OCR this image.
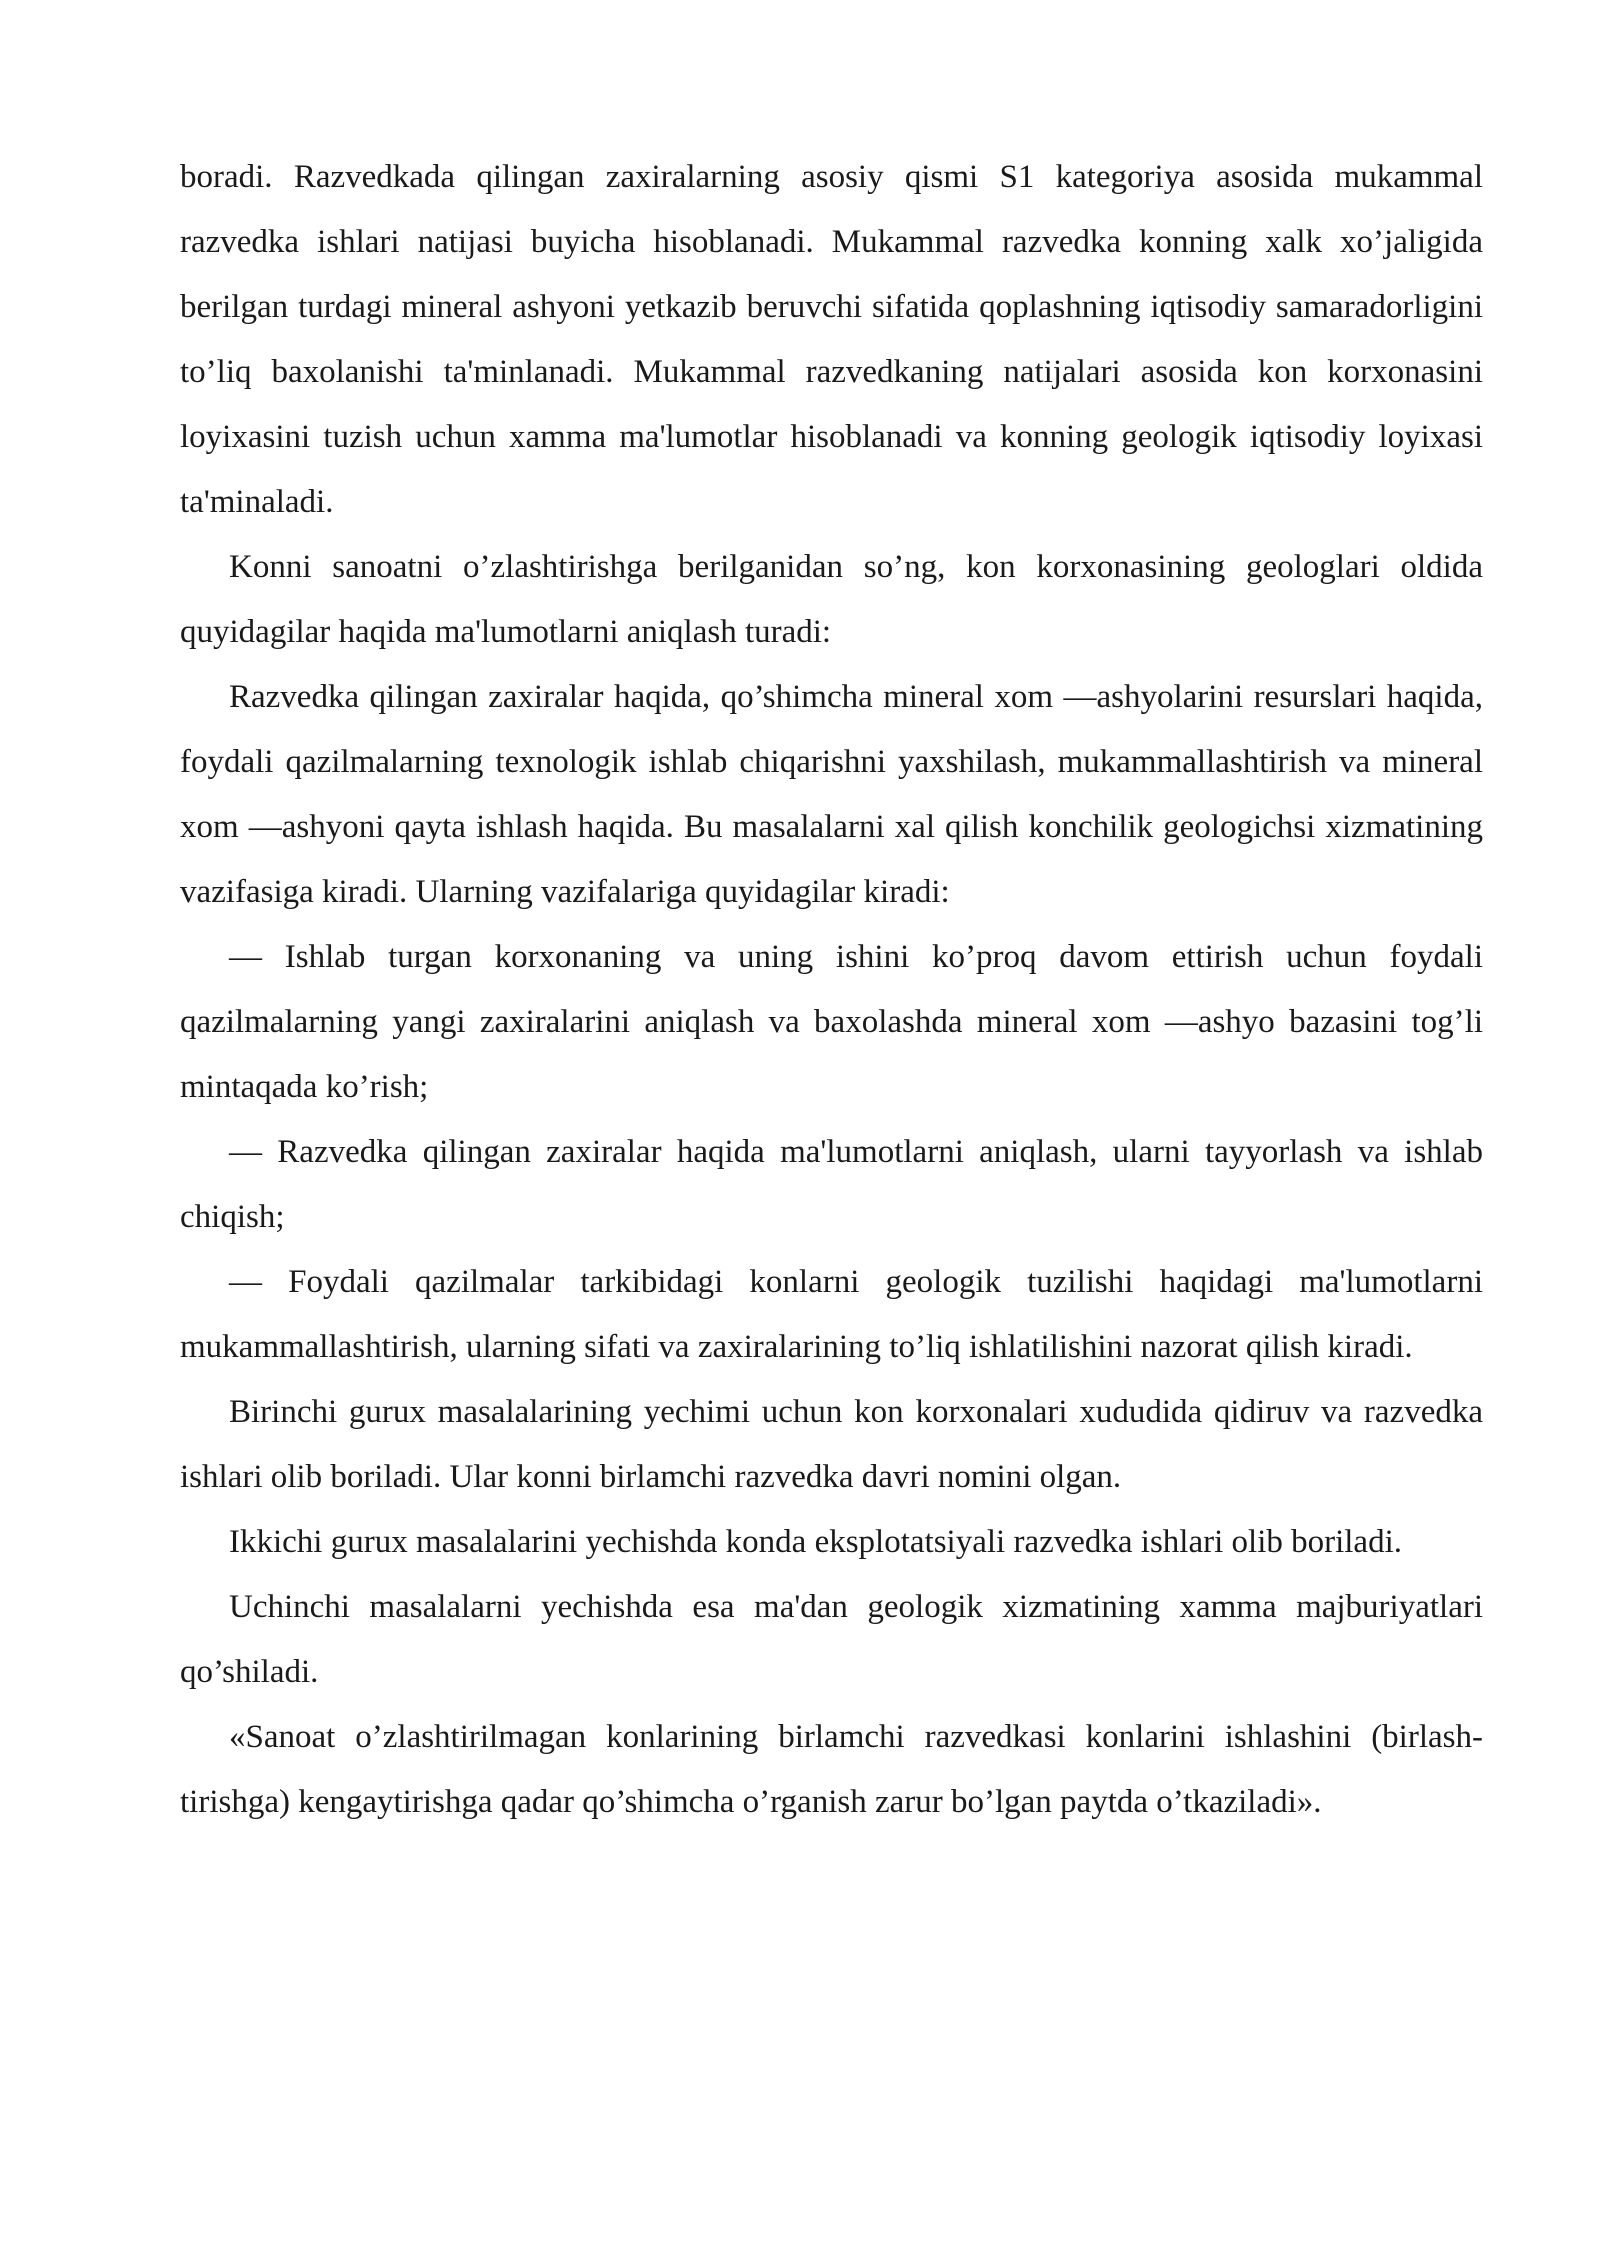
boradi. Razvedkada qilingan zaxiralarning asosiy qismi S1 kategoriya asosida mukammal razvedka ishlari natijasi buyicha hisoblanadi. Mukammal razvedka konning xalk xo’jaligida berilgan turdagi mineral ashyoni yetkazib beruvchi sifatida qoplashning iqtisodiy samaradorligini to’liq baxolanishi ta'minlanadi. Mukammal razvedkaning natijalari asosida kon korxonasini loyixasini tuzish uchun xamma ma'lumotlar hisoblanadi va konning geologik iqtisodiy loyixasi ta'minaladi.

Konni sanoatni o’zlashtirishga berilganidan so’ng, kon korxonasining geologlari oldida quyidagilar haqida ma'lumotlarni aniqlash turadi:

Razvedka qilingan zaxiralar haqida, qo’shimcha mineral xom —ashyolarini resurslari haqida, foydali qazilmalarning texnologik ishlab chiqarishni yaxshilash, mukammallashtirish va mineral xom —ashyoni qayta ishlash haqida. Bu masalalarni xal qilish konchilik geologichsi xizmatining vazifasiga kiradi. Ularning vazifalariga quyidagilar kiradi:

— Ishlab turgan korxonaning va uning ishini ko’proq davom ettirish uchun foydali qazilmalarning yangi zaxiralarini aniqlash va baxolashda mineral xom —ashyo bazasini tog’li mintaqada ko’rish;

— Razvedka qilingan zaxiralar haqida ma'lumotlarni aniqlash, ularni tayyorlash va ishlab chiqish;

— Foydali qazilmalar tarkibidagi konlarni geologik tuzilishi haqidagi ma'lumotlarni mukammallashtirish, ularning sifati va zaxiralarining to’liq ishlatilishini nazorat qilish kiradi.

Birinchi gurux masalalarining yechimi uchun kon korxonalari xududida qidiruv va razvedka ishlari olib boriladi. Ular konni birlamchi razvedka davri nomini olgan.

Ikkichi gurux masalalarini yechishda konda eksplotatsiyali razvedka ishlari olib boriladi.

Uchinchi masalalarni yechishda esa ma'dan geologik xizmatining xamma majburiyatlari qo’shiladi.

«Sanoat o’zlashtirilmagan konlarining birlamchi razvedkasi konlarini ishlashini (birlash-tirishga) kengaytirishga qadar qo’shimcha o’rganish zarur bo’lgan paytda o’tkaziladi».
